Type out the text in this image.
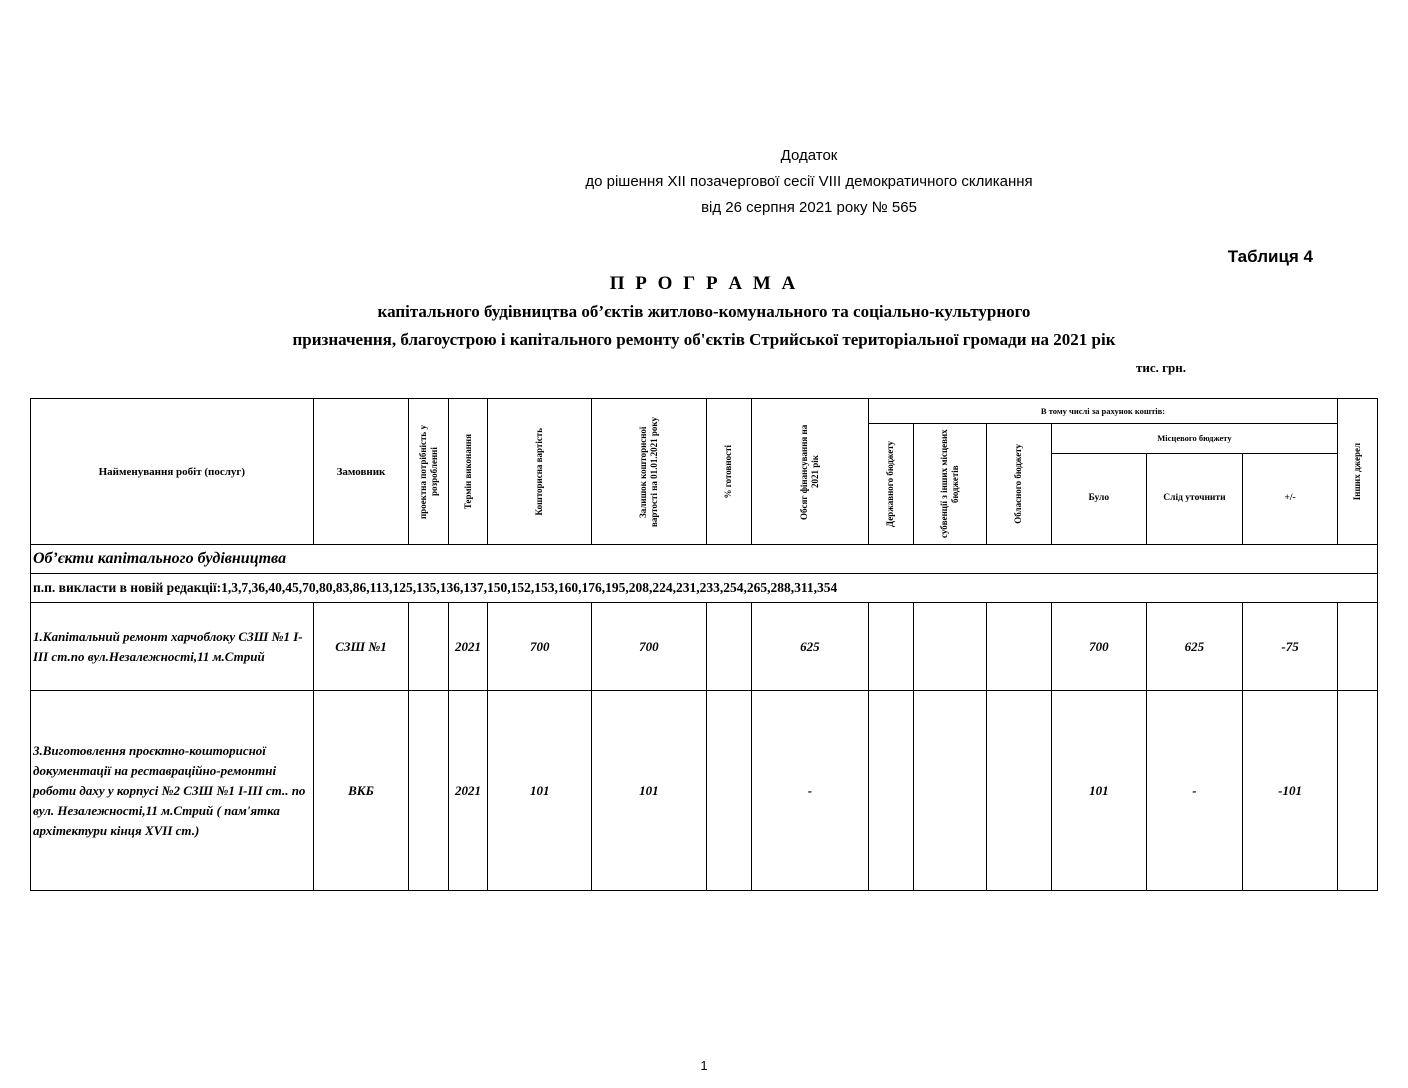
Додаток
до рішення XII позачергової сесії VIII демократичного скликання
від 26 серпня 2021 року № 565
Таблиця 4
П Р О Г Р А М А
капітального будівництва об’єктів житлово-комунального та соціально-культурного
призначення, благоустрою і капітального ремонту об'єктів Стрийської територіальної громади на 2021 рік
тис. грн.
Найменування робіт (послуг)	Замовник	проектна потрібність у розробленні	Термін виконання	Кошторисна вартість	Залишок кошторисної вартості на 01.01.2021 року	% готовності	Обсяг фінансування на 2021 рік	В тому числі за рахунок коштів:						Інших джерел

								Державного бюджету	субвенції з інших місцевих бюджетів	Обласного бюджету	Місцевого бюджету			

											Було	Слід уточнити	+/-	

Об’єкти капітального будівництва														
п.п. викласти в новій редакції:1,3,7,36,40,45,70,80,83,86,113,125,135,136,137,150,152,153,160,176,195,208,224,231,233,254,265,288,311,354														
1.Капітальний ремонт харчоблоку СЗШ №1 I-III ст.по вул.Незалежності,11 м.Стрий	СЗШ №1		2021	700	700		625				700	625	-75	
3.Виготовлення проєктно-кошторисної документації на реставраційно-ремонтні роботи даху у корпусі №2 СЗШ №1 I-III ст.. по вул. Незалежності,11 м.Стрий ( пам'ятка архітектури кінця XVII ст.)	ВКБ		2021	101	101		-				101	-	-101	
1
